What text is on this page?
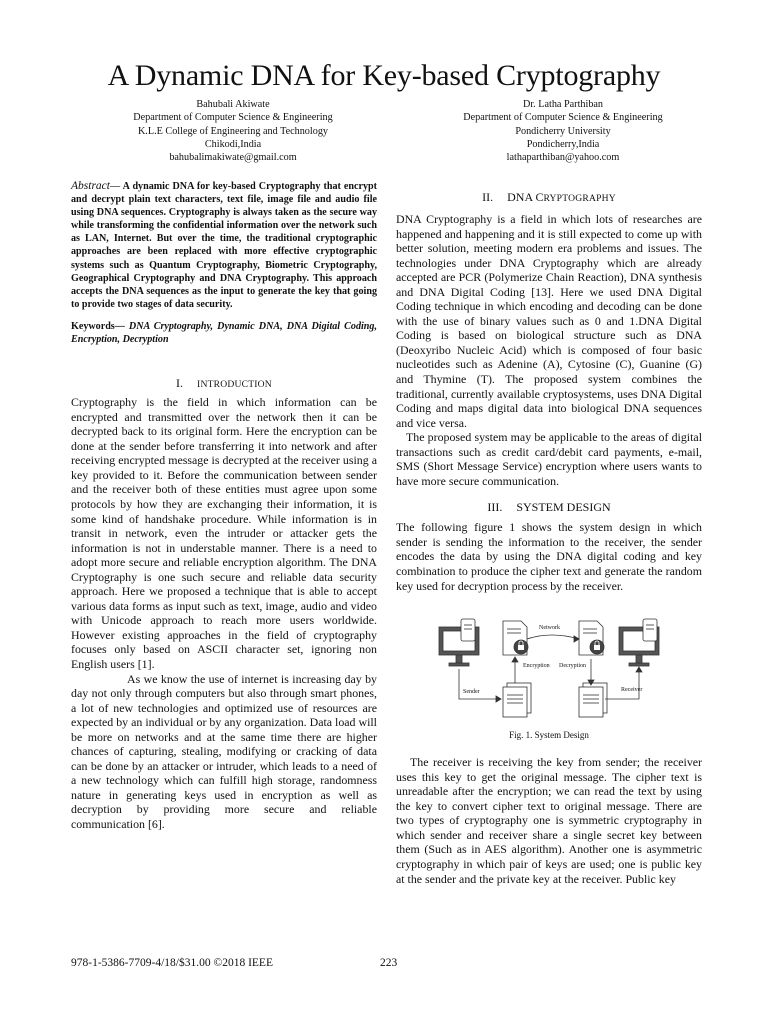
A Dynamic DNA for Key-based Cryptography
Bahubali Akiwate
Department of Computer Science & Engineering
K.L.E College of Engineering and Technology
Chikodi,India
bahubalimakiwate@gmail.com
Dr. Latha Parthiban
Department of Computer Science & Engineering
Pondicherry University
Pondicherry,India
lathaparthiban@yahoo.com

Abstract— A dynamic DNA for key-based Cryptography that encrypt and decrypt plain text characters, text file, image file and audio file using DNA sequences. Cryptography is always taken as the secure way while transforming the confidential information over the network such as LAN, Internet. But over the time, the traditional cryptographic approaches are been replaced with more effective cryptographic systems such as Quantum Cryptography, Biometric Cryptography, Geographical Cryptography and DNA Cryptography. This approach accepts the DNA sequences as the input to generate the key that going to provide two stages of data security.

Keywords— DNA Cryptography, Dynamic DNA, DNA Digital Coding, Encryption, Decryption

I. INTRODUCTION

Cryptography is the field in which information can be encrypted and transmitted over the network then it can be decrypted back to its original form. Here the encryption can be done at the sender before transferring it into network and after receiving encrypted message is decrypted at the receiver using a key provided to it. Before the communication between sender and the receiver both of these entities must agree upon some protocols by how they are exchanging their information, it is some kind of handshake procedure. While information is in transit in network, even the intruder or attacker gets the information is not in understable manner. There is a need to adopt more secure and reliable encryption algorithm. The DNA Cryptography is one such secure and reliable data security approach. Here we proposed a technique that is able to accept various data forms as input such as text, image, audio and video with Unicode approach to reach more users worldwide. However existing approaches in the field of cryptography focuses only based on ASCII character set, ignoring non English users [1].

As we know the use of internet is increasing day by day not only through computers but also through smart phones, a lot of new technologies and optimized use of resources are expected by an individual or by any organization. Data load will be more on networks and at the same time there are higher chances of capturing, stealing, modifying or cracking of data can be done by an attacker or intruder, which leads to a need of a new technology which can fulfill high storage, randomness nature in generating keys used in encryption as well as decryption by providing more secure and reliable communication [6].

II. DNA CRYPTOGRAPHY

DNA Cryptography is a field in which lots of researches are happened and happening and it is still expected to come up with better solution, meeting modern era problems and issues. The technologies under DNA Cryptography which are already accepted are PCR (Polymerize Chain Reaction), DNA synthesis and DNA Digital Coding [13]. Here we used DNA Digital Coding technique in which encoding and decoding can be done with the use of binary values such as 0 and 1.DNA Digital Coding is based on biological structure such as DNA (Deoxyribo Nucleic Acid) which is composed of four basic nucleotides such as Adenine (A), Cytosine (C), Guanine (G) and Thymine (T). The proposed system combines the traditional, currently available cryptosystems, uses DNA Digital Coding and maps digital data into biological DNA sequences and vice versa.

The proposed system may be applicable to the areas of digital transactions such as credit card/debit card payments, e-mail, SMS (Short Message Service) encryption where users wants to have more secure communication.

III. SYSTEM DESIGN

The following figure 1 shows the system design in which sender is sending the information to the receiver, the sender encodes the data by using the DNA digital coding and key combination to produce the cipher text and generate the random key used for decryption process by the receiver.

Network
Encryption Decryption
Sender	Receiver

Fig. 1. System Design

The receiver is receiving the key from sender; the receiver uses this key to get the original message. The cipher text is unreadable after the encryption; we can read the text by using the key to convert cipher text to original message. There are two types of cryptography one is symmetric cryptography in which sender and receiver share a single secret key between them (Such as in AES algorithm). Another one is asymmetric cryptography in which pair of keys are used; one is public key at the sender and the private key at the receiver. Public key

978-1-5386-7709-4/18/$31.00 ©2018 IEEE	223
